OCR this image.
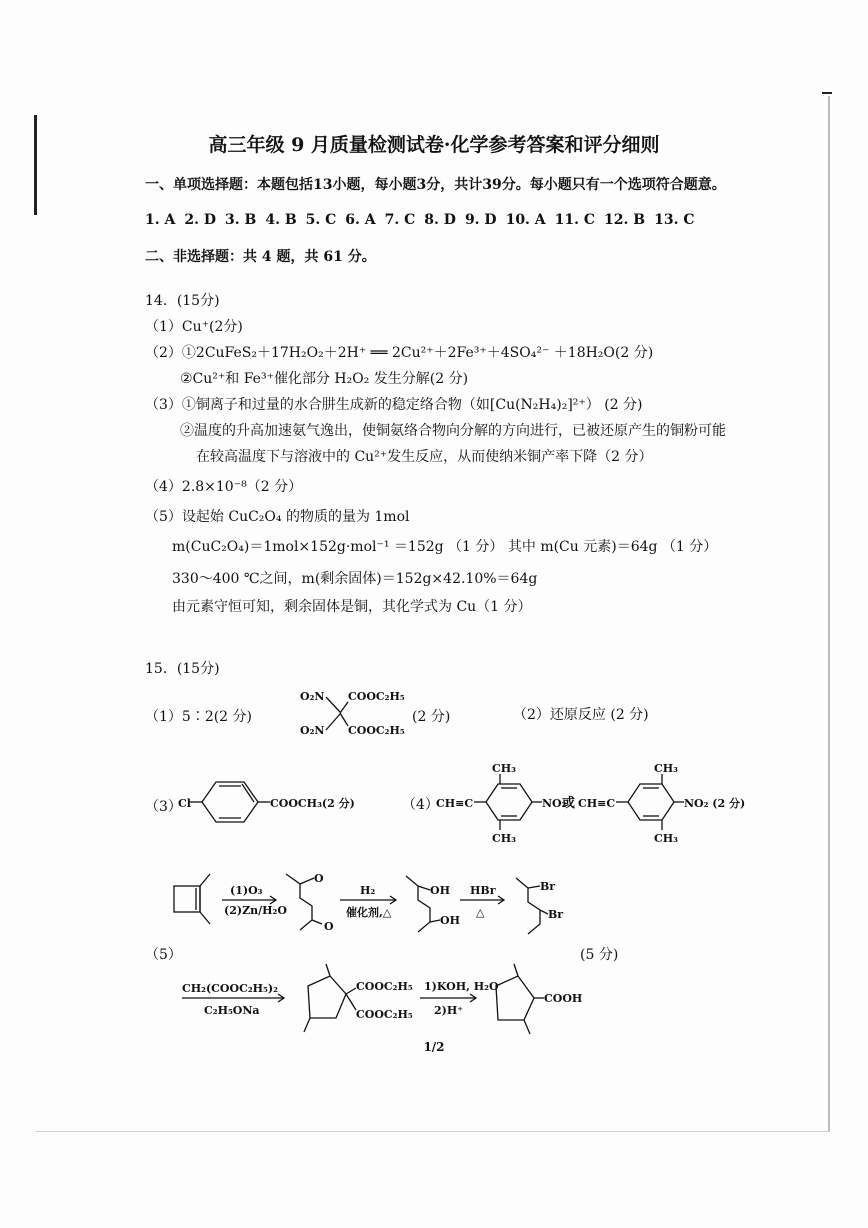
高三年级 9 月质量检测试卷·化学参考答案和评分细则
一、单项选择题：本题包括13小题，每小题3分，共计39分。每小题只有一个选项符合题意。
1. A 2. D 3. B 4. B 5. C 6. A 7. C 8. D 9. D 10. A 11. C 12. B 13. C
二、非选择题：共 4 题，共 61 分。
14．(15分)
（1）Cu⁺(2分)
（2）①2CuFeS₂＋17H₂O₂＋2H⁺ ══ 2Cu²⁺＋2Fe³⁺＋4SO₄²⁻ ＋18H₂O(2 分)
②Cu²⁺和 Fe³⁺催化部分 H₂O₂ 发生分解(2 分)
（3）①铜离子和过量的水合肼生成新的稳定络合物（如[Cu(N₂H₄)₂]²⁺） (2 分)
②温度的升高加速氨气逸出，使铜氨络合物向分解的方向进行，已被还原产生的铜粉可能
在较高温度下与溶液中的 Cu²⁺发生反应，从而使纳米铜产率下降（2 分）
（4）2.8×10⁻⁸（2 分）
（5）设起始 CuC₂O₄ 的物质的量为 1mol
m(CuC₂O₄)＝1mol×152g·mol⁻¹ ＝152g （1 分） 其中 m(Cu 元素)＝64g （1 分）
330～400 ℃之间，m(剩余固体)＝152g×42.10%＝64g
由元素守恒可知，剩余固体是铜，其化学式为 Cu（1 分）
15．(15分)
（1）5∶2(2 分)
O₂N
O₂N
COOC₂H₅
COOC₂H₅
(2 分)	（2）还原反应 (2 分)
（3）
Cl	COOCH₃(2 分)	（4）
CH≡C
CH₃
CH₃
NO₂
或 CH≡C
CH₃
CH₃
NO₂ (2 分)
（5）	(5 分)
(1)O₃
(2)Zn/H₂O
O
O
H₂
催化剂,△
OH
OH
HBr
△
Br
Br
CH₂(COOC₂H₅)₂
C₂H₅ONa
COOC₂H₅
COOC₂H₅
1)KOH, H₂O
2)H⁺
COOH
1/2
